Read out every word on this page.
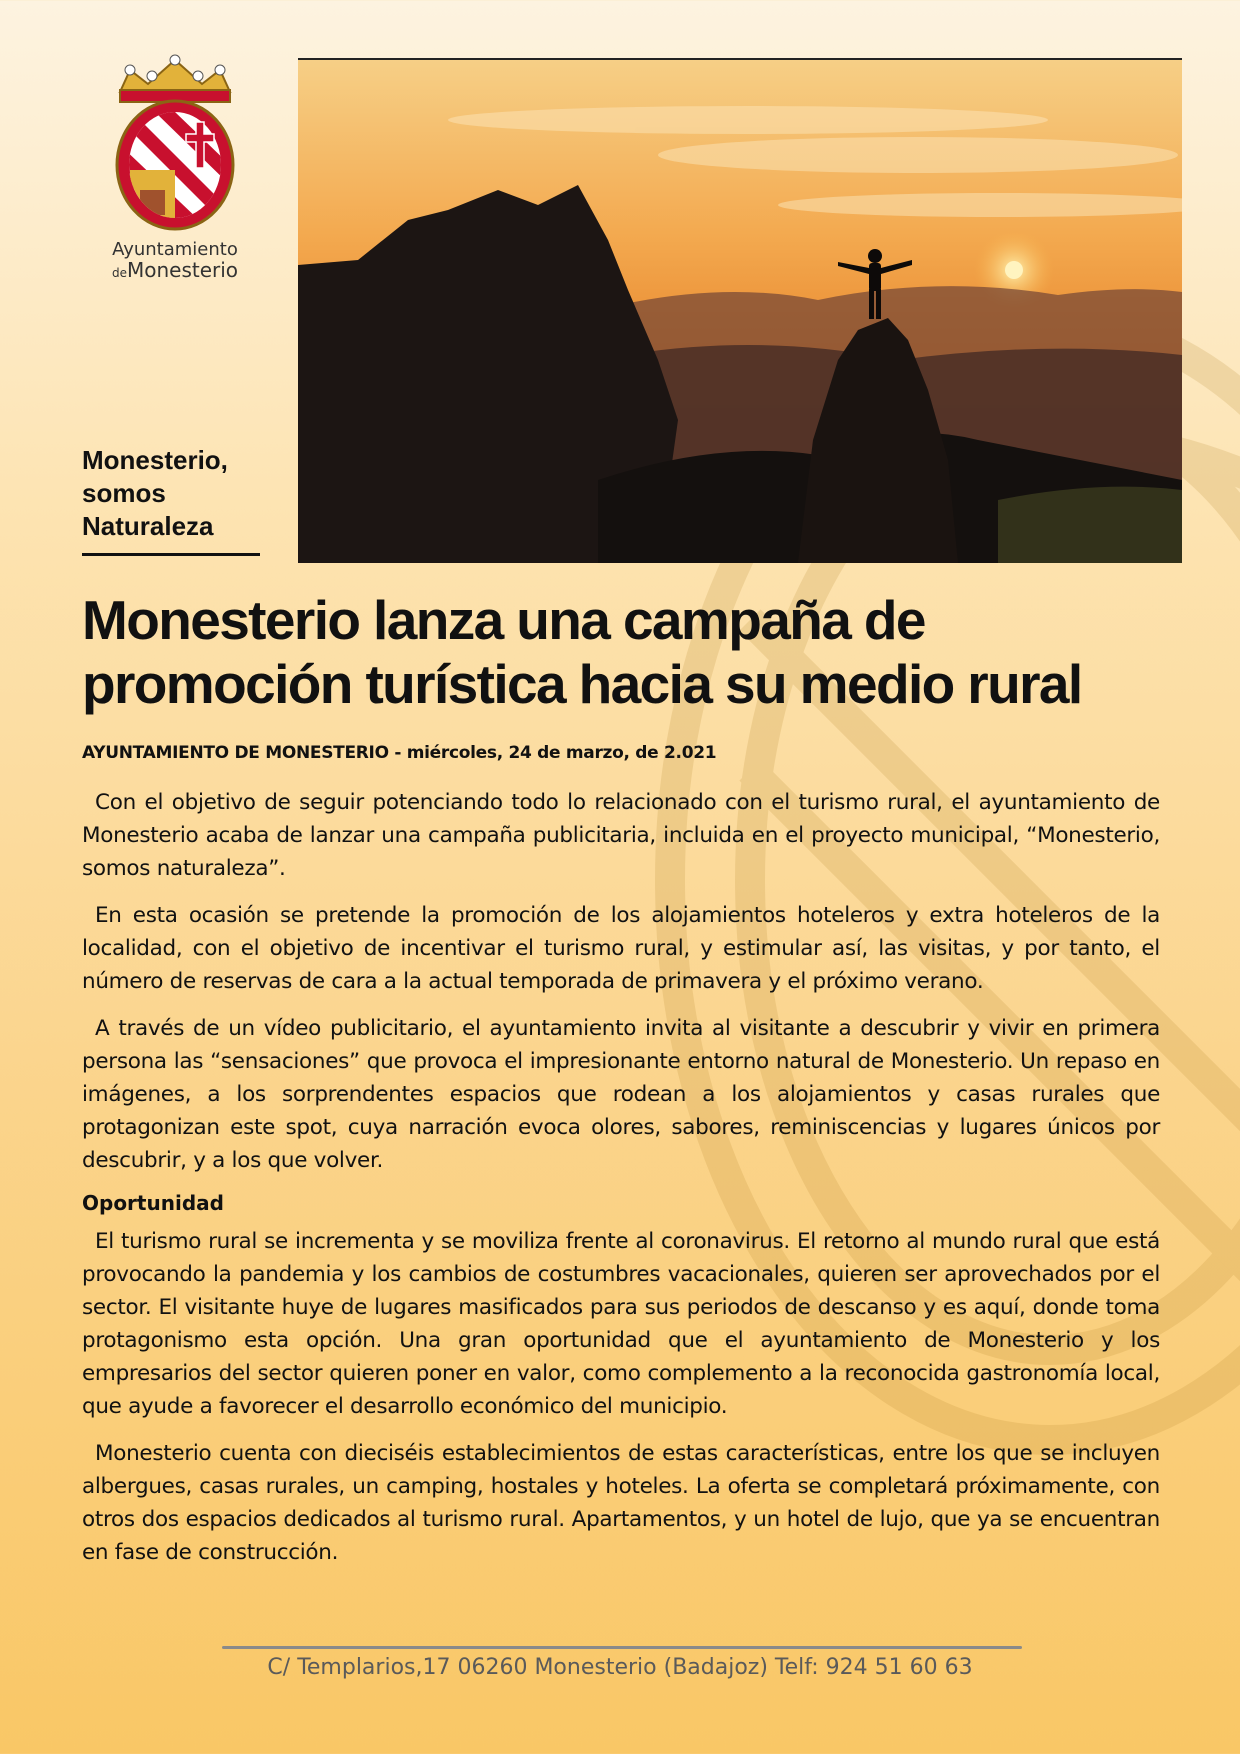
Ayuntamiento
deMonesterio
Monesterio,
somos
Naturaleza
Monesterio lanza una campaña de
promoción turística hacia su medio rural

AYUNTAMIENTO DE MONESTERIO - miércoles, 24 de marzo, de 2.021

Con el objetivo de seguir potenciando todo lo relacionado con el turismo rural, el ayuntamiento de Monesterio acaba de lanzar una campaña publicitaria, incluida en el proyecto municipal, “Monesterio, somos naturaleza”.

En esta ocasión se pretende la promoción de los alojamientos hoteleros y extra hoteleros de la localidad, con el objetivo de incentivar el turismo rural, y estimular así, las visitas, y por tanto, el número de reservas de cara a la actual temporada de primavera y el próximo verano.

A través de un vídeo publicitario, el ayuntamiento invita al visitante a descubrir y vivir en primera persona las “sensaciones” que provoca el impresionante entorno natural de Monesterio. Un repaso en imágenes, a los sorprendentes espacios que rodean a los alojamientos y casas rurales que protagonizan este spot, cuya narración evoca olores, sabores, reminiscencias y lugares únicos por descubrir, y a los que volver.

Oportunidad

El turismo rural se incrementa y se moviliza frente al coronavirus. El retorno al mundo rural que está provocando la pandemia y los cambios de costumbres vacacionales, quieren ser aprovechados por el sector. El visitante huye de lugares masificados para sus periodos de descanso y es aquí, donde toma protagonismo esta opción. Una gran oportunidad que el ayuntamiento de Monesterio y los empresarios del sector quieren poner en valor, como complemento a la reconocida gastronomía local, que ayude a favorecer el desarrollo económico del municipio.

Monesterio cuenta con dieciséis establecimientos de estas características, entre los que se incluyen albergues, casas rurales, un camping, hostales y hoteles. La oferta se completará próximamente, con otros dos espacios dedicados al turismo rural. Apartamentos, y un hotel de lujo, que ya se encuentran en fase de construcción.

C/ Templarios,17 06260 Monesterio (Badajoz) Telf: 924 51 60 63
